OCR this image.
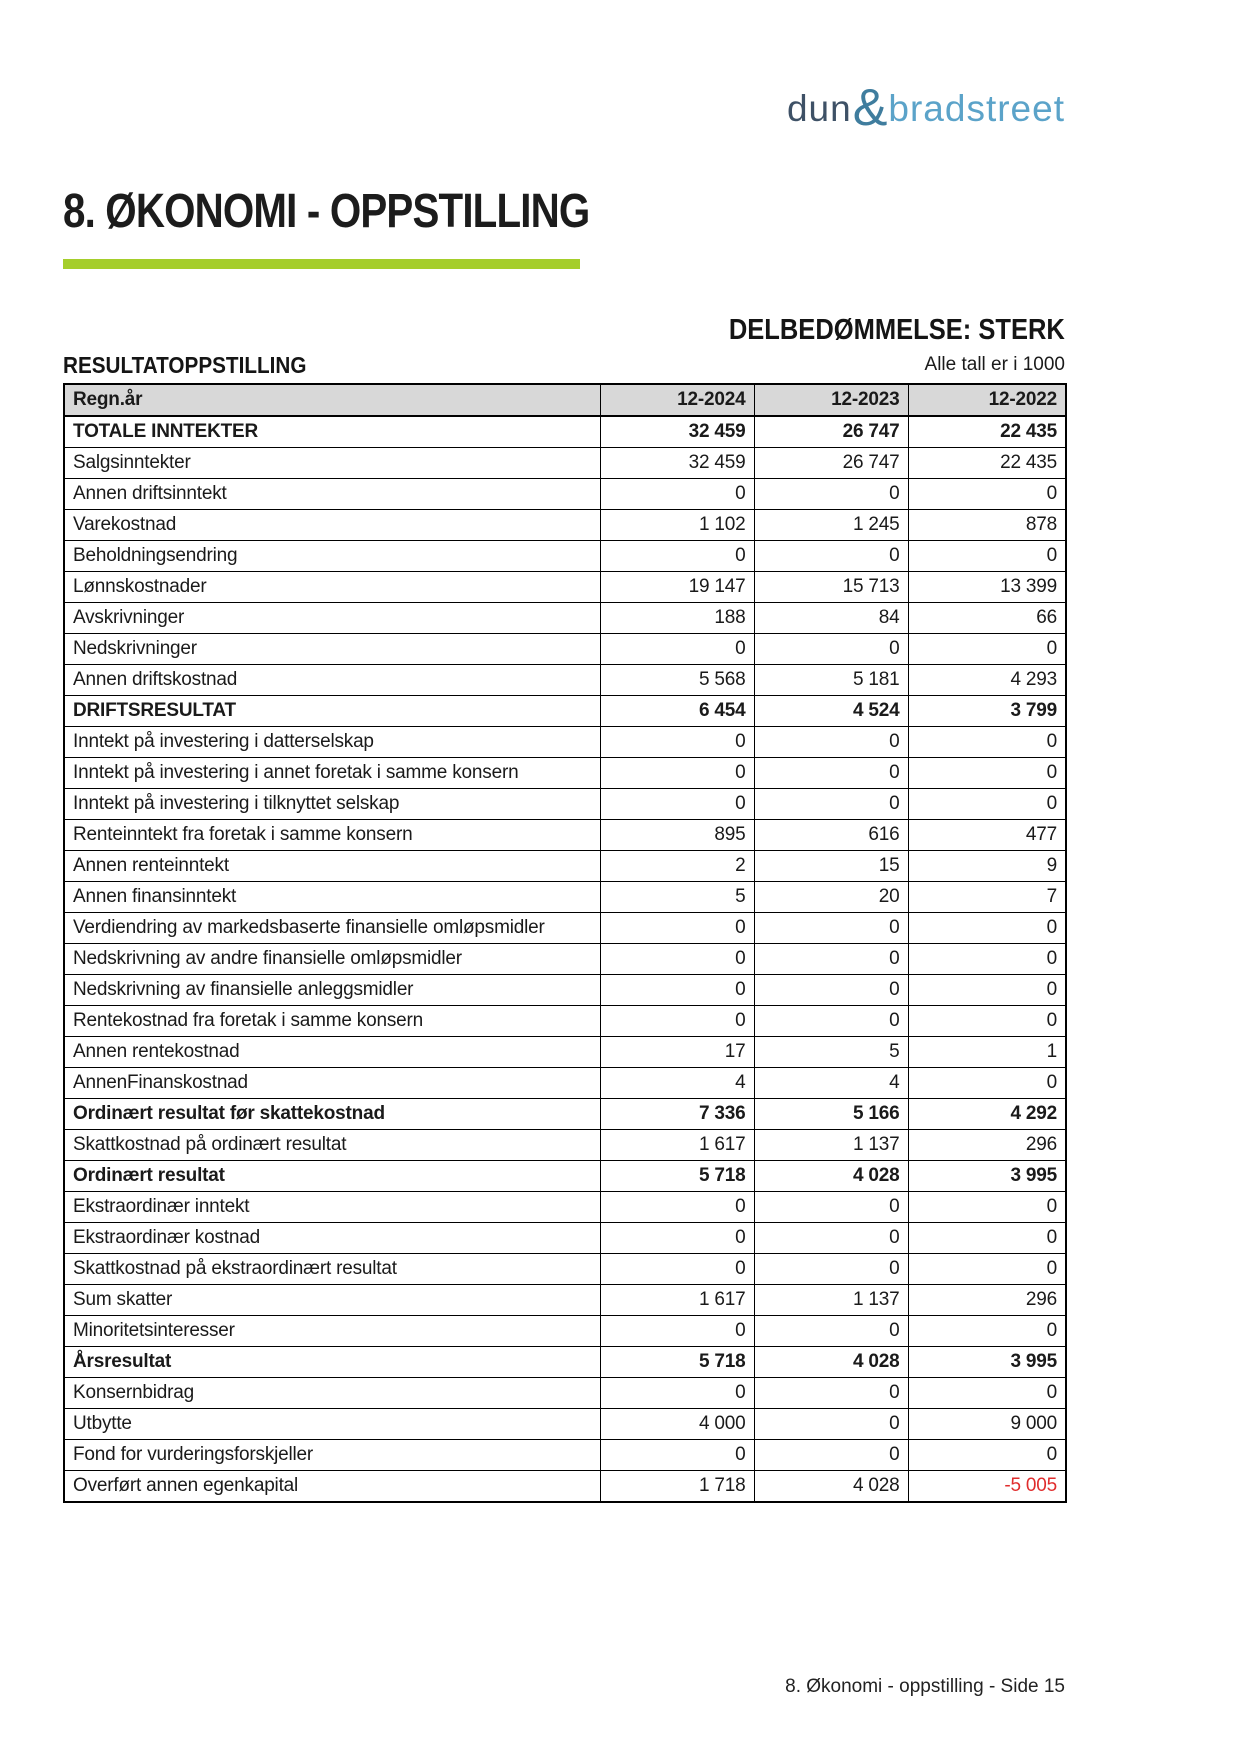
dun & bradstreet
8. ØKONOMI - OPPSTILLING
DELBEDØMMELSE: STERK
RESULTATOPPSTILLING	Alle tall er i 1000
Regn.år	12-2024	12-2023	12-2022
TOTALE INNTEKTER	32 459	26 747	22 435
Salgsinntekter	32 459	26 747	22 435
Annen driftsinntekt	0	0	0
Varekostnad	1 102	1 245	878
Beholdningsendring	0	0	0
Lønnskostnader	19 147	15 713	13 399
Avskrivninger	188	84	66
Nedskrivninger	0	0	0
Annen driftskostnad	5 568	5 181	4 293
DRIFTSRESULTAT	6 454	4 524	3 799
Inntekt på investering i datterselskap	0	0	0
Inntekt på investering i annet foretak i samme konsern	0	0	0
Inntekt på investering i tilknyttet selskap	0	0	0
Renteinntekt fra foretak i samme konsern	895	616	477
Annen renteinntekt	2	15	9
Annen finansinntekt	5	20	7
Verdiendring av markedsbaserte finansielle omløpsmidler	0	0	0
Nedskrivning av andre finansielle omløpsmidler	0	0	0
Nedskrivning av finansielle anleggsmidler	0	0	0
Rentekostnad fra foretak i samme konsern	0	0	0
Annen rentekostnad	17	5	1
AnnenFinanskostnad	4	4	0
Ordinært resultat før skattekostnad	7 336	5 166	4 292
Skattkostnad på ordinært resultat	1 617	1 137	296
Ordinært resultat	5 718	4 028	3 995
Ekstraordinær inntekt	0	0	0
Ekstraordinær kostnad	0	0	0
Skattkostnad på ekstraordinært resultat	0	0	0
Sum skatter	1 617	1 137	296
Minoritetsinteresser	0	0	0
Årsresultat	5 718	4 028	3 995
Konsernbidrag	0	0	0
Utbytte	4 000	0	9 000
Fond for vurderingsforskjeller	0	0	0
Overført annen egenkapital	1 718	4 028	-5 005
8. Økonomi - oppstilling - Side 15
